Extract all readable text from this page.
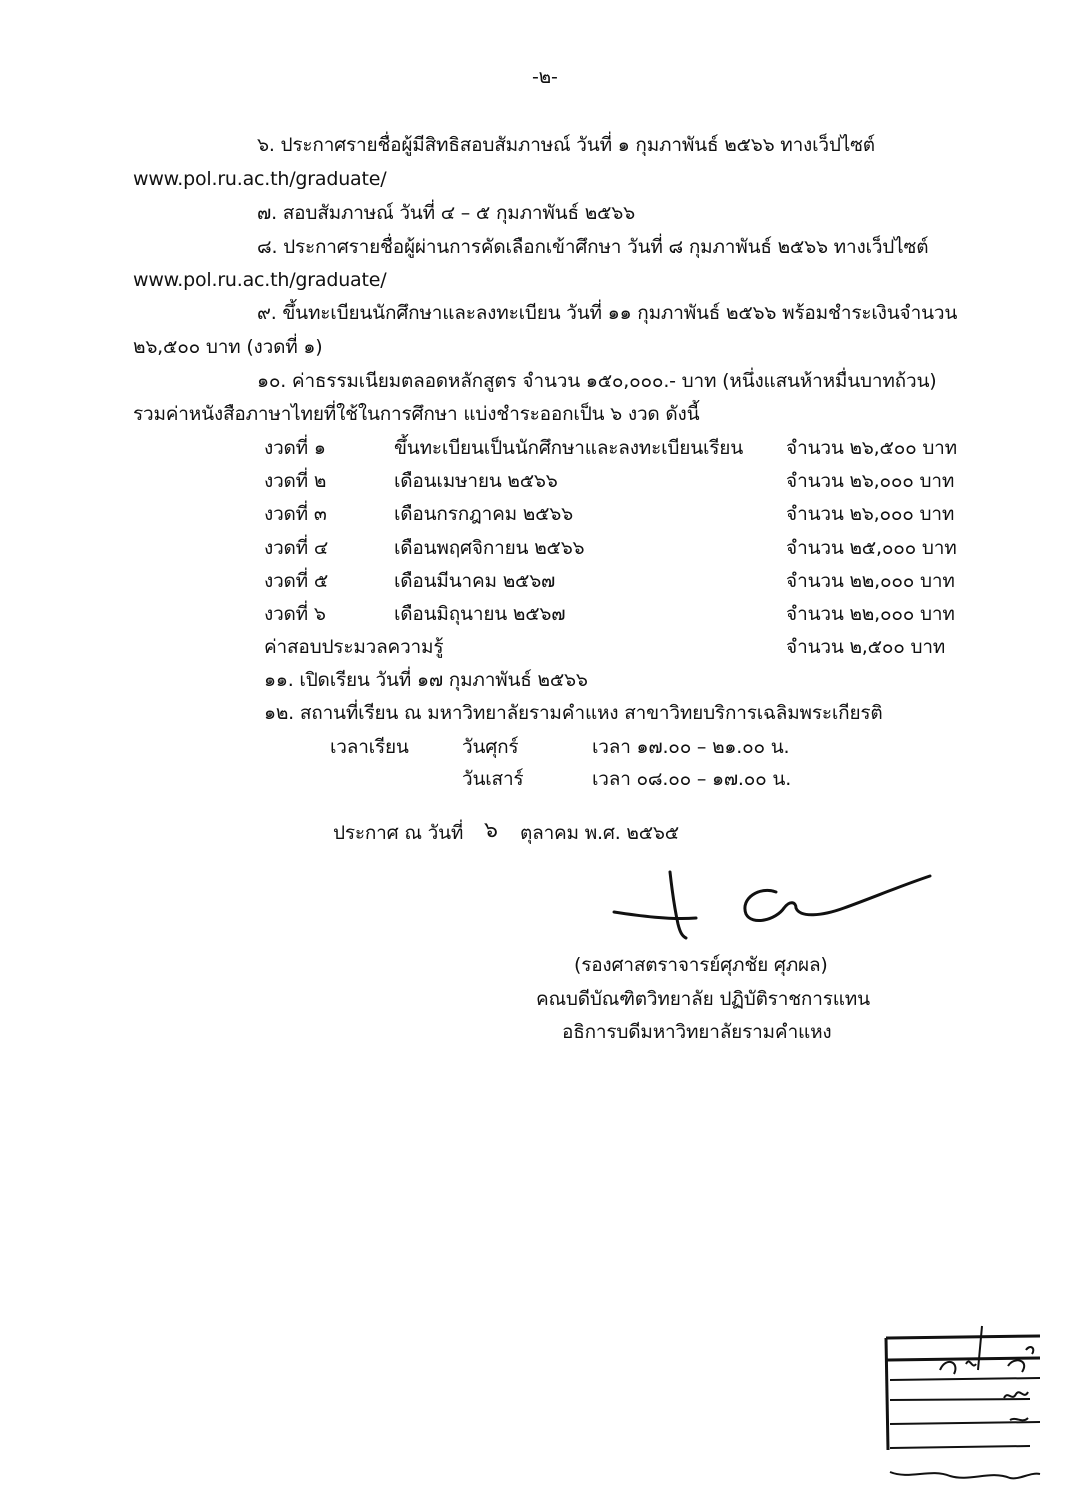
-๒-
๖. ประกาศรายชื่อผู้มีสิทธิสอบสัมภาษณ์ วันที่ ๑ กุมภาพันธ์ ๒๕๖๖ ทางเว็ปไซต์
www.pol.ru.ac.th/graduate/
๗. สอบสัมภาษณ์ วันที่ ๔ – ๕ กุมภาพันธ์ ๒๕๖๖
๘. ประกาศรายชื่อผู้ผ่านการคัดเลือกเข้าศึกษา วันที่ ๘ กุมภาพันธ์ ๒๕๖๖ ทางเว็ปไซต์
www.pol.ru.ac.th/graduate/
๙. ขึ้นทะเบียนนักศึกษาและลงทะเบียน วันที่ ๑๑ กุมภาพันธ์ ๒๕๖๖ พร้อมชำระเงินจำนวน
๒๖,๕๐๐ บาท (งวดที่ ๑)
๑๐. ค่าธรรมเนียมตลอดหลักสูตร จำนวน ๑๕๐,๐๐๐.- บาท (หนึ่งแสนห้าหมื่นบาทถ้วน)
รวมค่าหนังสือภาษาไทยที่ใช้ในการศึกษา แบ่งชำระออกเป็น ๖ งวด ดังนี้
งวดที่ ๑	ขึ้นทะเบียนเป็นนักศึกษาและลงทะเบียนเรียน จำนวน ๒๖,๕๐๐ บาท
งวดที่ ๒	เดือนเมษายน ๒๕๖๖	จำนวน ๒๖,๐๐๐ บาท
งวดที่ ๓	เดือนกรกฎาคม ๒๕๖๖	จำนวน ๒๖,๐๐๐ บาท
งวดที่ ๔	เดือนพฤศจิกายน ๒๕๖๖	จำนวน ๒๕,๐๐๐ บาท
งวดที่ ๕	เดือนมีนาคม ๒๕๖๗	จำนวน ๒๒,๐๐๐ บาท
งวดที่ ๖	เดือนมิถุนายน ๒๕๖๗	จำนวน ๒๒,๐๐๐ บาท
ค่าสอบประมวลความรู้	จำนวน ๒,๕๐๐ บาท
๑๑. เปิดเรียน วันที่ ๑๗ กุมภาพันธ์ ๒๕๖๖
๑๒. สถานที่เรียน ณ มหาวิทยาลัยรามคำแหง สาขาวิทยบริการเฉลิมพระเกียรติ
เวลาเรียน	วันศุกร์	เวลา ๑๗.๐๐ – ๒๑.๐๐ น.
วันเสาร์	เวลา ๐๘.๐๐ – ๑๗.๐๐ น.
ประกาศ ณ วันที่ ๖ ตุลาคม พ.ศ. ๒๕๖๕
(รองศาสตราจารย์ศุภชัย ศุภผล)
คณบดีบัณฑิตวิทยาลัย ปฏิบัติราชการแทน
อธิการบดีมหาวิทยาลัยรามคำแหง
